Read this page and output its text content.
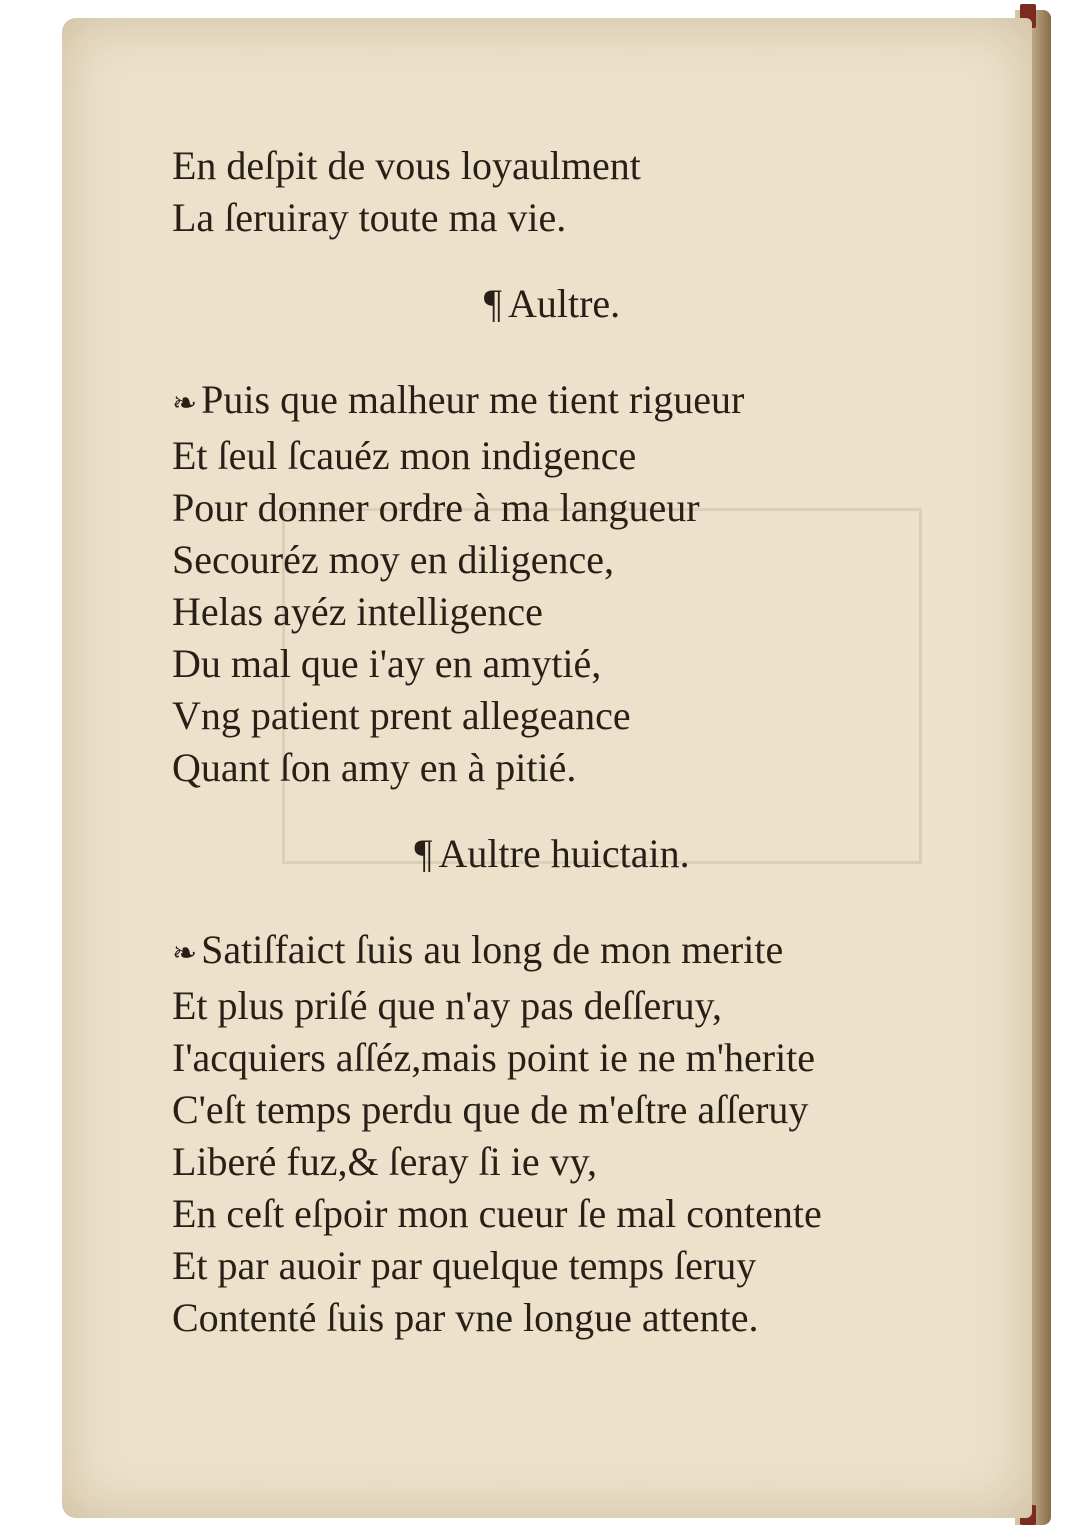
En deſpit de vous loyaulment
La ſeruiray toute ma vie.
¶ Aultre.
❧ Puis que malheur me tient rigueur
Et ſeul ſcauéz mon indigence
Pour donner ordre à ma langueur
Secouréz moy en diligence,
Helas ayéz intelligence
Du mal que i'ay en amytié,
Vng patient prent allegeance
Quant ſon amy en à pitié.
¶ Aultre huictain.
❧ Satiſfaict ſuis au long de mon merite
Et plus priſé que n'ay pas deſſeruy,
I'acquiers aſſéz,mais point ie ne m'herite
C'eſt temps perdu que de m'eſtre aſſeruy
Liberé fuz,& ſeray ſi ie vy,
En ceſt eſpoir mon cueur ſe mal contente
Et par auoir par quelque temps ſeruy
Contenté ſuis par vne longue attente.
